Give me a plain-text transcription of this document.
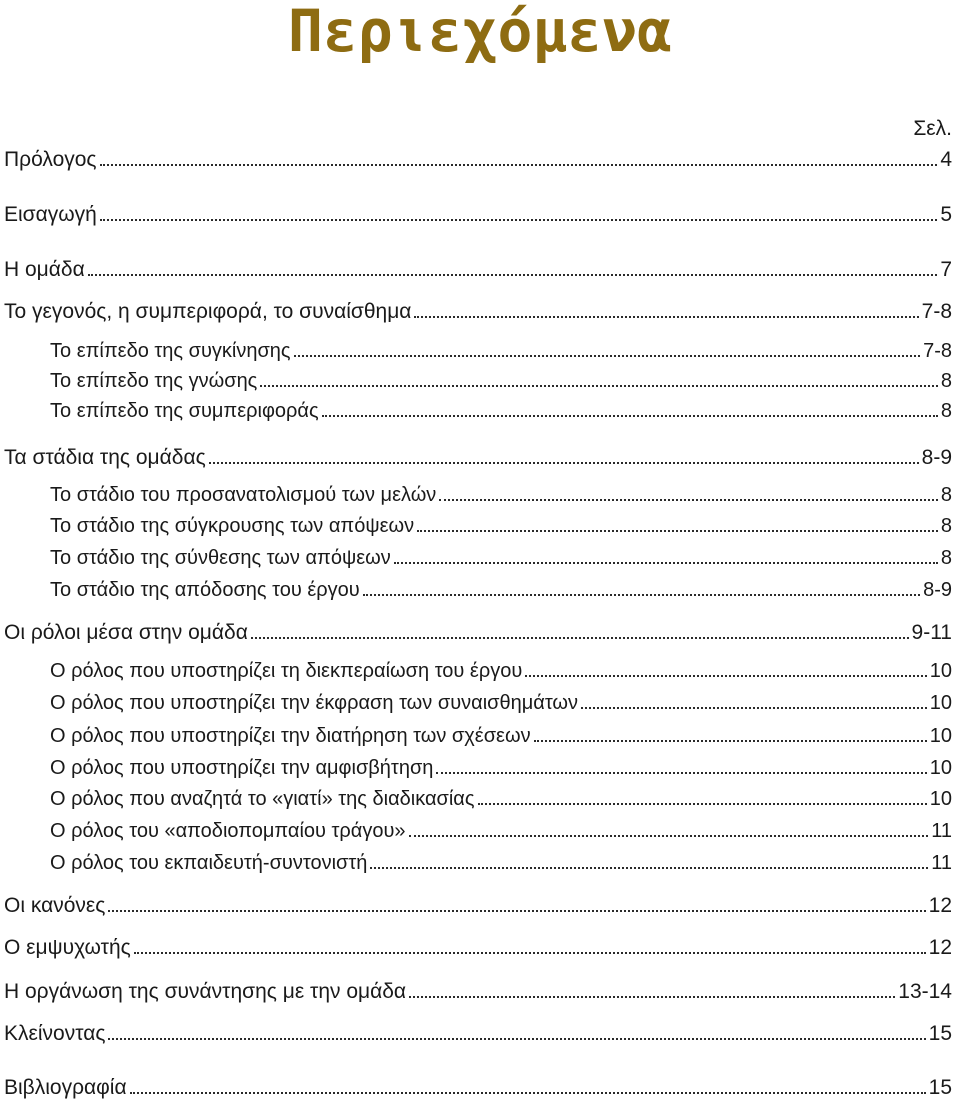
Περιεχόμενα
Σελ.
Πρόλογος	4
Εισαγωγή	5
Η ομάδα	7
Το γεγονός, η συμπεριφορά, το συναίσθημα	7-8
Το επίπεδο της συγκίνησης	7-8
Το επίπεδο της γνώσης	8
Το επίπεδο της συμπεριφοράς	8
Τα στάδια της ομάδας	8-9
Το στάδιο του προσανατολισμού των μελών	8
Το στάδιο της σύγκρουσης των απόψεων	8
Το στάδιο της σύνθεσης των απόψεων	8
Το στάδιο της απόδοσης του έργου	8-9
Οι ρόλοι μέσα στην ομάδα	9-11
Ο ρόλος που υποστηρίζει τη διεκπεραίωση του έργου	10
Ο ρόλος που υποστηρίζει την έκφραση των συναισθημάτων	10
Ο ρόλος που υποστηρίζει την διατήρηση των σχέσεων	10
Ο ρόλος που υποστηρίζει την αμφισβήτηση	10
Ο ρόλος που αναζητά το «γιατί» της διαδικασίας	10
Ο ρόλος του «αποδιοπομπαίου τράγου»	11
Ο ρόλος του εκπαιδευτή-συντονιστή	11
Οι κανόνες	12
Ο εμψυχωτής	12
Η οργάνωση της συνάντησης με την ομάδα	13-14
Κλείνοντας	15
Βιβλιογραφία	15
